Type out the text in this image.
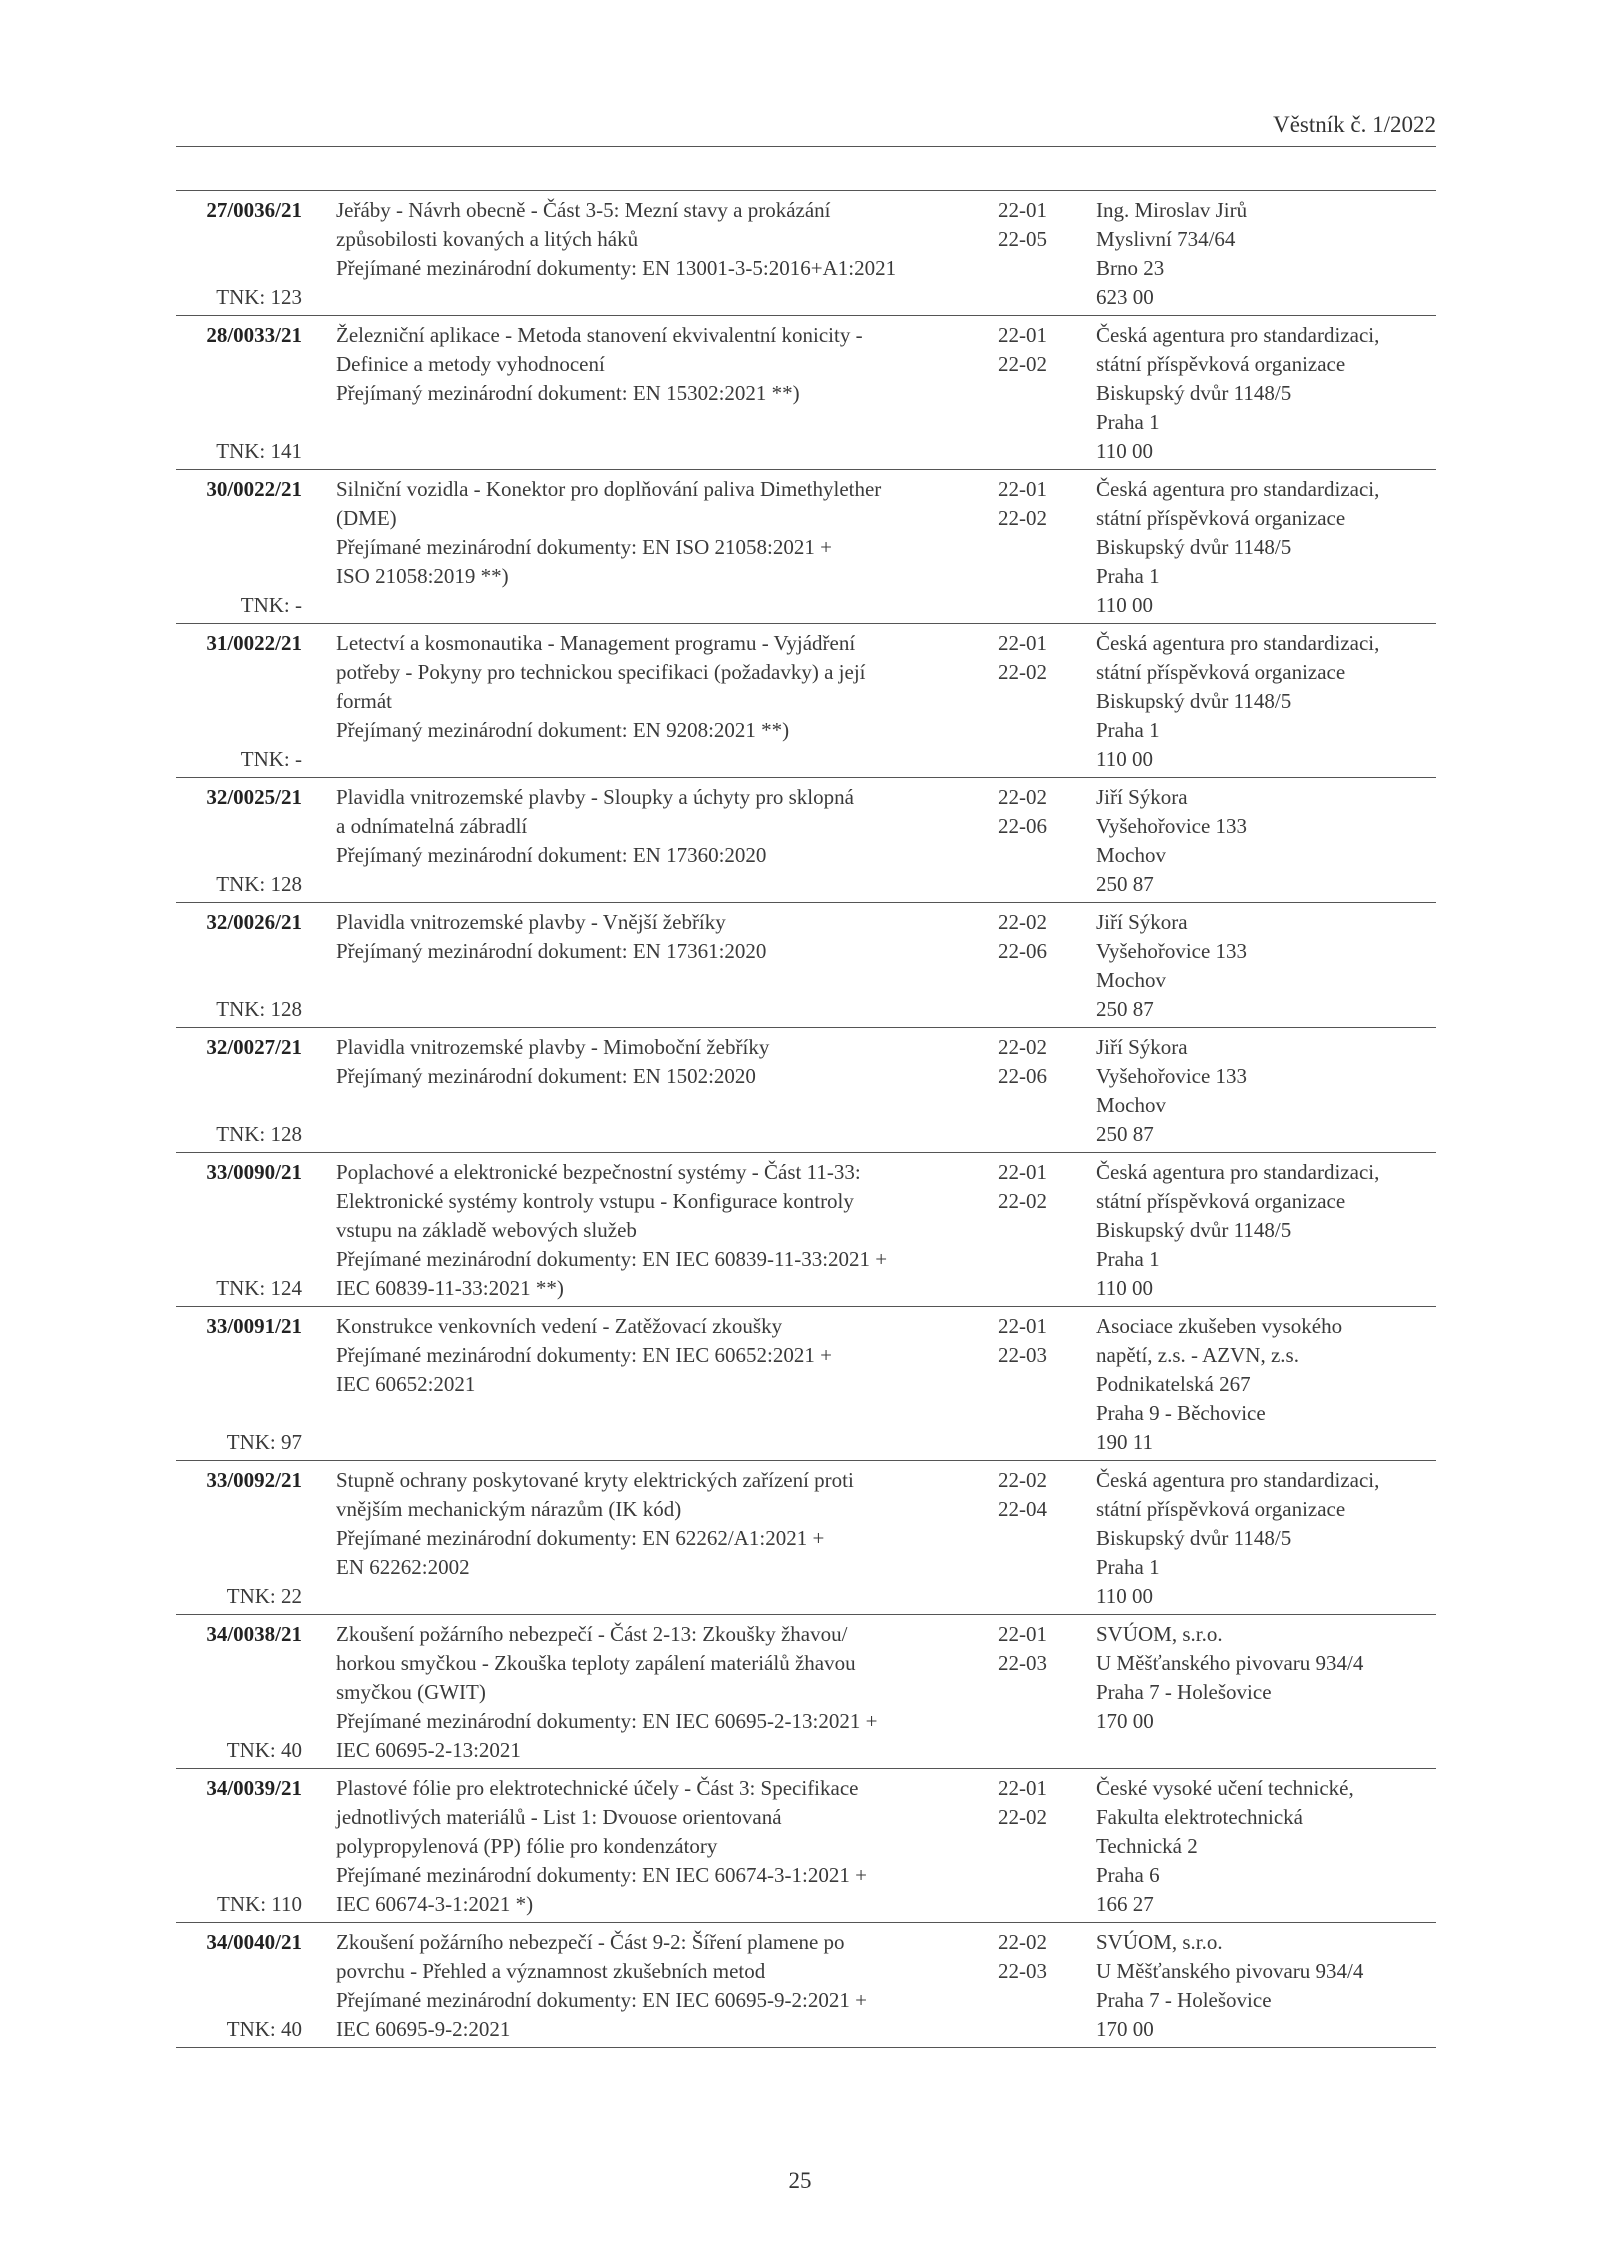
Věstník č. 1/2022
27/0036/21
TNK: 123
Jeřáby - Návrh obecně - Část 3-5: Mezní stavy a prokázání
způsobilosti kovaných a litých háků
Přejímané mezinárodní dokumenty: EN 13001-3-5:2016+A1:2021
22-01
22-05
Ing. Miroslav Jirů
Myslivní 734/64
Brno 23
623 00
28/0033/21
TNK: 141
Železniční aplikace - Metoda stanovení ekvivalentní konicity -
Definice a metody vyhodnocení
Přejímaný mezinárodní dokument: EN 15302:2021 **)
22-01
22-02
Česká agentura pro standardizaci,
státní příspěvková organizace
Biskupský dvůr 1148/5
Praha 1
110 00
30/0022/21
TNK: -
Silniční vozidla - Konektor pro doplňování paliva Dimethylether
(DME)
Přejímané mezinárodní dokumenty: EN ISO 21058:2021 +
ISO 21058:2019 **)
22-01
22-02
Česká agentura pro standardizaci,
státní příspěvková organizace
Biskupský dvůr 1148/5
Praha 1
110 00
31/0022/21
TNK: -
Letectví a kosmonautika - Management programu - Vyjádření
potřeby - Pokyny pro technickou specifikaci (požadavky) a její
formát
Přejímaný mezinárodní dokument: EN 9208:2021 **)
22-01
22-02
Česká agentura pro standardizaci,
státní příspěvková organizace
Biskupský dvůr 1148/5
Praha 1
110 00
32/0025/21
TNK: 128
Plavidla vnitrozemské plavby - Sloupky a úchyty pro sklopná
a odnímatelná zábradlí
Přejímaný mezinárodní dokument: EN 17360:2020
22-02
22-06
Jiří Sýkora
Vyšehořovice 133
Mochov
250 87
32/0026/21
TNK: 128
Plavidla vnitrozemské plavby - Vnější žebříky
Přejímaný mezinárodní dokument: EN 17361:2020
22-02
22-06
Jiří Sýkora
Vyšehořovice 133
Mochov
250 87
32/0027/21
TNK: 128
Plavidla vnitrozemské plavby - Mimoboční žebříky
Přejímaný mezinárodní dokument: EN 1502:2020
22-02
22-06
Jiří Sýkora
Vyšehořovice 133
Mochov
250 87
33/0090/21
TNK: 124
Poplachové a elektronické bezpečnostní systémy - Část 11-33:
Elektronické systémy kontroly vstupu - Konfigurace kontroly
vstupu na základě webových služeb
Přejímané mezinárodní dokumenty: EN IEC 60839-11-33:2021 +
IEC 60839-11-33:2021 **)
22-01
22-02
Česká agentura pro standardizaci,
státní příspěvková organizace
Biskupský dvůr 1148/5
Praha 1
110 00
33/0091/21
TNK: 97
Konstrukce venkovních vedení - Zatěžovací zkoušky
Přejímané mezinárodní dokumenty: EN IEC 60652:2021 +
IEC 60652:2021
22-01
22-03
Asociace zkušeben vysokého
napětí, z.s. - AZVN, z.s.
Podnikatelská 267
Praha 9 - Běchovice
190 11
33/0092/21
TNK: 22
Stupně ochrany poskytované kryty elektrických zařízení proti
vnějším mechanickým nárazům (IK kód)
Přejímané mezinárodní dokumenty: EN 62262/A1:2021 +
EN 62262:2002
22-02
22-04
Česká agentura pro standardizaci,
státní příspěvková organizace
Biskupský dvůr 1148/5
Praha 1
110 00
34/0038/21
TNK: 40
Zkoušení požárního nebezpečí - Část 2-13: Zkoušky žhavou/
horkou smyčkou - Zkouška teploty zapálení materiálů žhavou
smyčkou (GWIT)
Přejímané mezinárodní dokumenty: EN IEC 60695-2-13:2021 +
IEC 60695-2-13:2021
22-01
22-03
SVÚOM, s.r.o.
U Měšťanského pivovaru 934/4
Praha 7 - Holešovice
170 00
34/0039/21
TNK: 110
Plastové fólie pro elektrotechnické účely - Část 3: Specifikace
jednotlivých materiálů - List 1: Dvouose orientovaná
polypropylenová (PP) fólie pro kondenzátory
Přejímané mezinárodní dokumenty: EN IEC 60674-3-1:2021 +
IEC 60674-3-1:2021 *)
22-01
22-02
České vysoké učení technické,
Fakulta elektrotechnická
Technická 2
Praha 6
166 27
34/0040/21
TNK: 40
Zkoušení požárního nebezpečí - Část 9-2: Šíření plamene po
povrchu - Přehled a významnost zkušebních metod
Přejímané mezinárodní dokumenty: EN IEC 60695-9-2:2021 +
IEC 60695-9-2:2021
22-02
22-03
SVÚOM, s.r.o.
U Měšťanského pivovaru 934/4
Praha 7 - Holešovice
170 00
25
